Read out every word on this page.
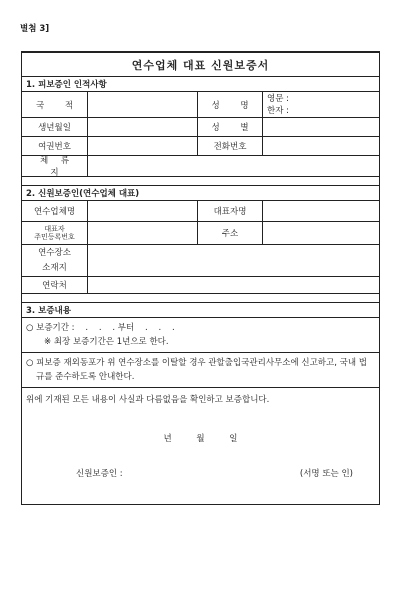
별첨 3]
연수업체 대표 신원보증서
1. 피보증인 인적사항
국 적	성 명
영문 :
한자 :
생년월일	성 별
여권번호	전화번호
체 류 지
2. 신원보증인(연수업체 대표)
연수업체명	대표자명
대표자
주민등록번호	주소
연수장소
소재지
연락처
3. 보증내용
○ 보증기간 :    .    .    . 부터    .    .    .
※ 최장 보증기간은 1년으로 한다.
○ 피보증 재외동포가 위 연수장소를 이탈할 경우 관할출입국관리사무소에 신고하고, 국내 법규를 준수하도록 안내한다.
위에 기재된 모든 내용이 사실과 다름없음을 확인하고 보증합니다.
년 월 일
신원보증인 :	(서명 또는 인)
